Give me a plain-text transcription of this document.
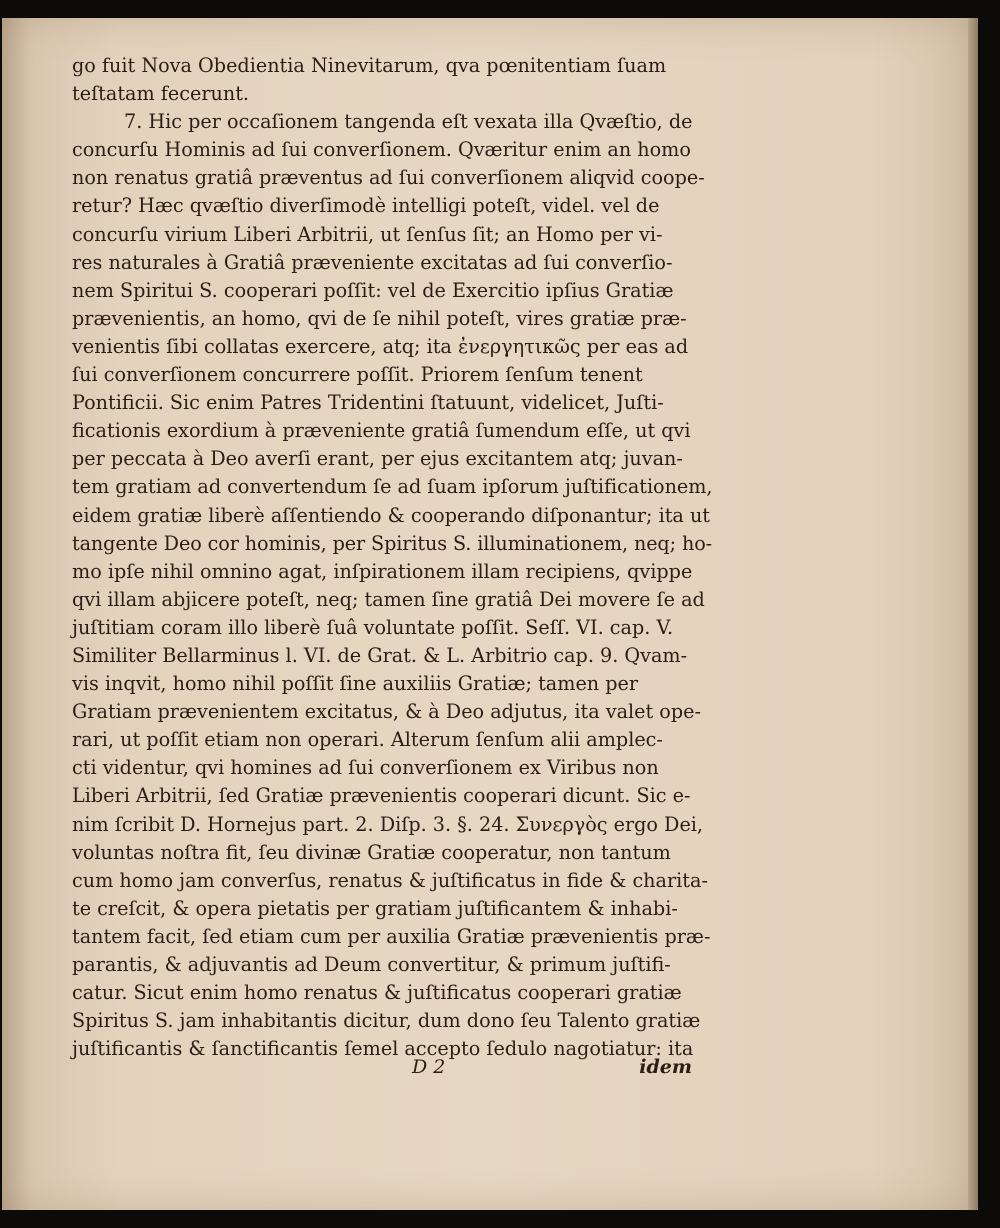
go fuit Nova Obedientia Ninevitarum, qva pœnitentiam ſuam
teſtatam fecerunt.
7. Hic per occaſionem tangenda eſt vexata illa Qvæſtio, de
concurſu Hominis ad ſui converſionem. Qværitur enim an homo
non renatus gratiâ præventus ad ſui converſionem aliqvid coope-
retur? Hæc qvæſtio diverſimodè intelligi poteſt, videl. vel de
concurſu virium Liberi Arbitrii, ut ſenſus ſit; an Homo per vi-
res naturales à Gratiâ præveniente excitatas ad ſui converſio-
nem Spiritui S. cooperari poſſit: vel de Exercitio ipſius Gratiæ
prævenientis, an homo, qvi de ſe nihil poteſt, vires gratiæ præ-
venientis ſibi collatas exercere, atq; ita ἐνεργητικῶς per eas ad
ſui converſionem concurrere poſſit. Priorem ſenſum tenent
Pontificii. Sic enim Patres Tridentini ſtatuunt, videlicet, Juſti-
ficationis exordium à præveniente gratiâ ſumendum eſſe, ut qvi
per peccata à Deo averſi erant, per ejus excitantem atq; juvan-
tem gratiam ad convertendum ſe ad ſuam ipſorum juſtificationem,
eidem gratiæ liberè aſſentiendo & cooperando diſponantur; ita ut
tangente Deo cor hominis, per Spiritus S. illuminationem, neq; ho-
mo ipſe nihil omnino agat, inſpirationem illam recipiens, qvippe
qvi illam abjicere poteſt, neq; tamen ſine gratiâ Dei movere ſe ad
juſtitiam coram illo liberè ſuâ voluntate poſſit. Seſſ. VI. cap. V.
Similiter Bellarminus l. VI. de Grat. & L. Arbitrio cap. 9. Qvam-
vis inqvit, homo nihil poſſit ſine auxiliis Gratiæ; tamen per
Gratiam prævenientem excitatus, & à Deo adjutus, ita valet ope-
rari, ut poſſit etiam non operari. Alterum ſenſum alii amplec-
cti videntur, qvi homines ad ſui converſionem ex Viribus non
Liberi Arbitrii, ſed Gratiæ prævenientis cooperari dicunt. Sic e-
nim ſcribit D. Hornejus part. 2. Diſp. 3. §. 24. Συνεργὸς ergo Dei,
voluntas noſtra fit, ſeu divinæ Gratiæ cooperatur, non tantum
cum homo jam converſus, renatus & juſtificatus in fide & charita-
te creſcit, & opera pietatis per gratiam juſtificantem & inhabi-
tantem facit, ſed etiam cum per auxilia Gratiæ prævenientis præ-
parantis, & adjuvantis ad Deum convertitur, & primum juſtifi-
catur. Sicut enim homo renatus & juſtificatus cooperari gratiæ
Spiritus S. jam inhabitantis dicitur, dum dono ſeu Talento gratiæ
juſtificantis & ſanctificantis ſemel accepto ſedulo nagotiatur: ita
D 2	idem
